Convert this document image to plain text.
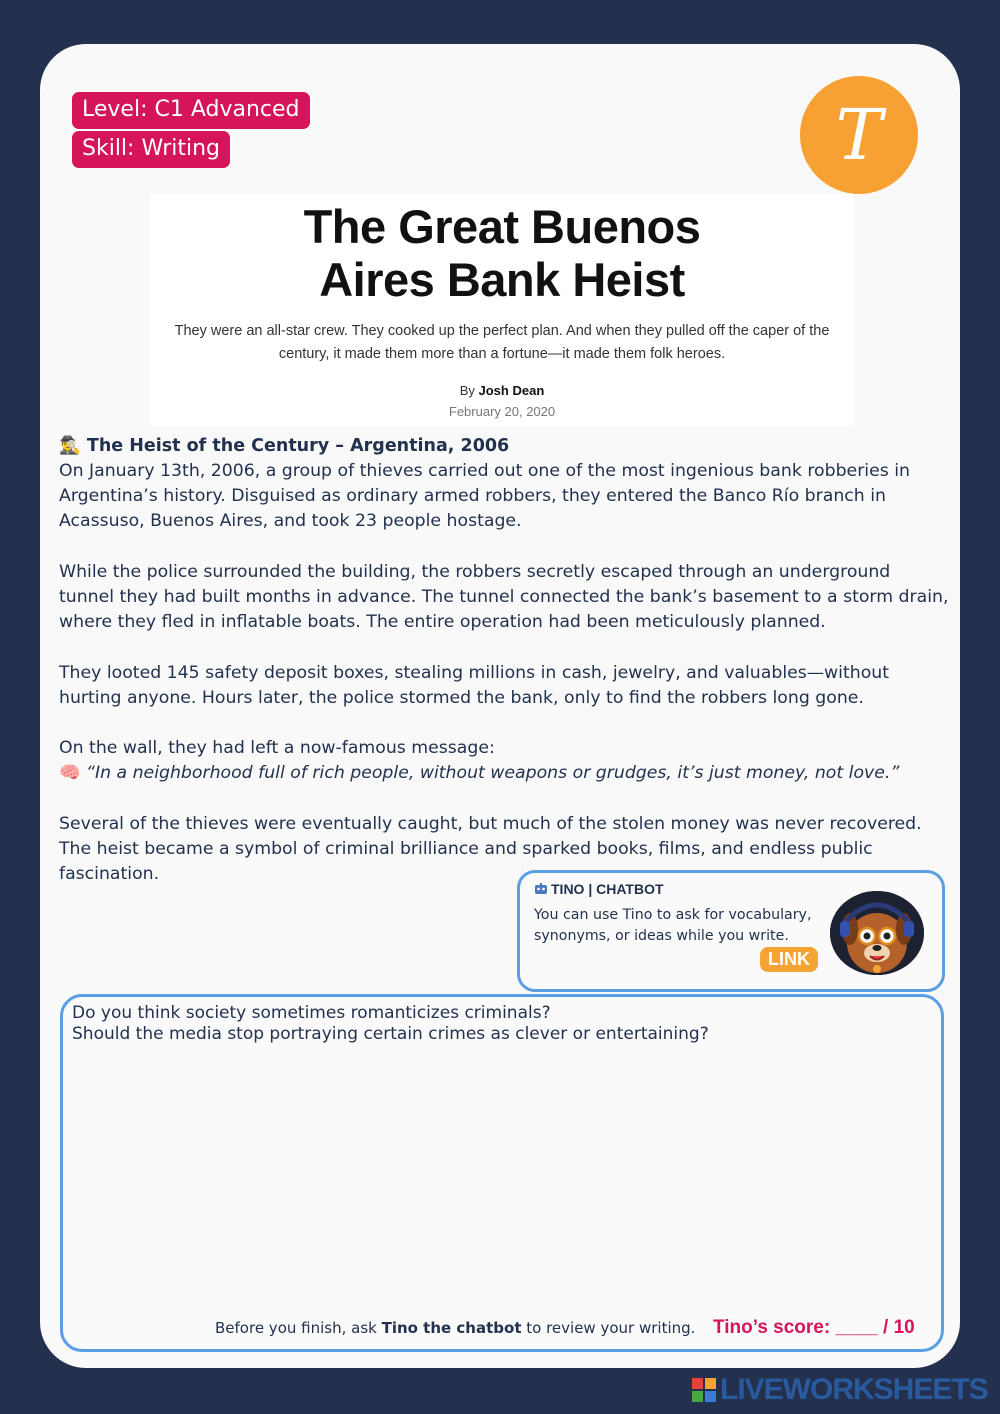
Level: C1 Advanced
Skill: Writing	T
The Great Buenos
Aires Bank Heist
They were an all-star crew. They cooked up the perfect plan. And when they pulled off the caper of the century, it made them more than a fortune—it made them folk heroes.
By Josh Dean
February 20, 2020
🕵️‍♂️ The Heist of the Century – Argentina, 2006

On January 13th, 2006, a group of thieves carried out one of the most ingenious bank robberies in Argentina’s history. Disguised as ordinary armed robbers, they entered the Banco Río branch in Acassuso, Buenos Aires, and took 23 people hostage.

While the police surrounded the building, the robbers secretly escaped through an underground tunnel they had built months in advance. The tunnel connected the bank’s basement to a storm drain, where they fled in inflatable boats. The entire operation had been meticulously planned.

They looted 145 safety deposit boxes, stealing millions in cash, jewelry, and valuables—without hurting anyone. Hours later, the police stormed the bank, only to find the robbers long gone.

On the wall, they had left a now-famous message:

🧠 “In a neighborhood full of rich people, without weapons or grudges, it’s just money, not love.”

Several of the thieves were eventually caught, but much of the stolen money was never recovered. The heist became a symbol of criminal brilliance and sparked books, films, and endless public fascination.

TINO | CHATBOT
You can use Tino to ask for vocabulary, synonyms, or ideas while you write.
LINK
Do you think society sometimes romanticizes criminals?
Should the media stop portraying certain crimes as clever or entertaining?
Before you finish, ask Tino the chatbot to review your writing. Tino’s score: ____ / 10
LIVEWORKSHEETS
